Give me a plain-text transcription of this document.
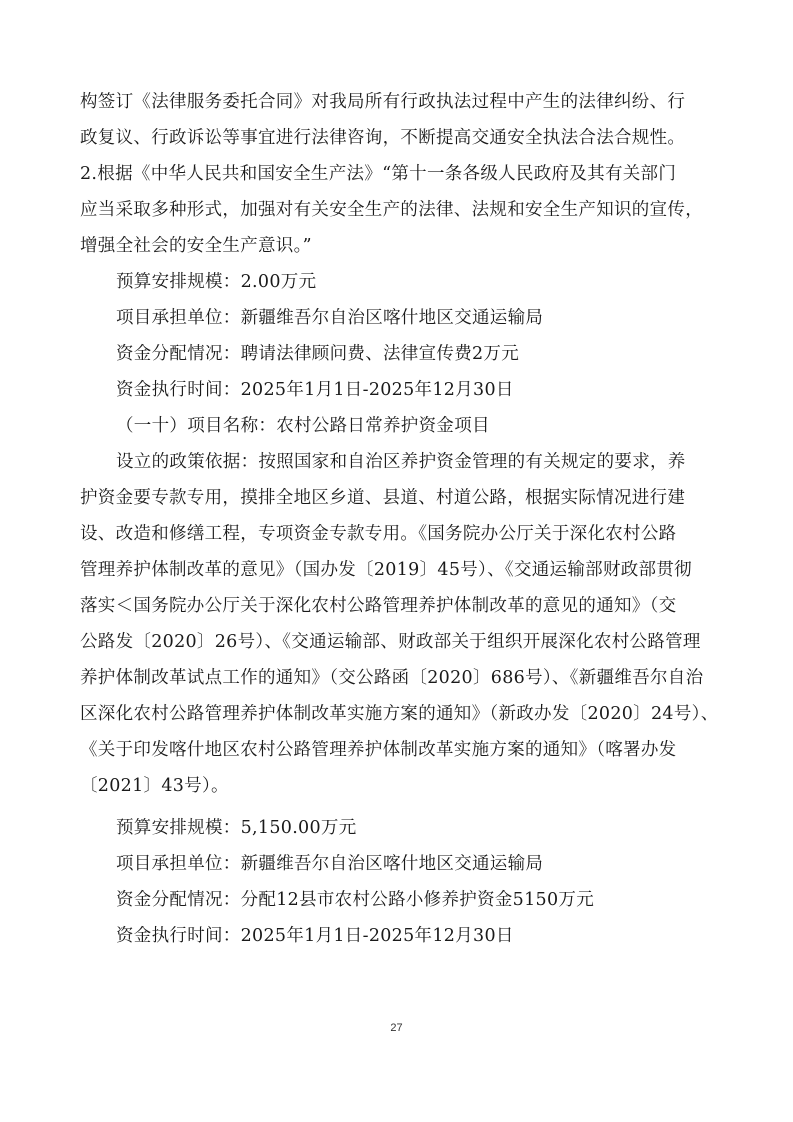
构签订《法律服务委托合同》对我局所有行政执法过程中产生的法律纠纷、行
政复议、行政诉讼等事宜进行法律咨询，不断提高交通安全执法合法合规性。
2.根据《中华人民共和国安全生产法》“第十一条各级人民政府及其有关部门
应当采取多种形式，加强对有关安全生产的法律、法规和安全生产知识的宣传，
增强全社会的安全生产意识。”
预算安排规模：2.00万元
项目承担单位：新疆维吾尔自治区喀什地区交通运输局
资金分配情况：聘请法律顾问费、法律宣传费2万元
资金执行时间：2025年1月1日-2025年12月30日
（一十）项目名称：农村公路日常养护资金项目
设立的政策依据：按照国家和自治区养护资金管理的有关规定的要求，养
护资金要专款专用，摸排全地区乡道、县道、村道公路，根据实际情况进行建
设、改造和修缮工程，专项资金专款专用。《国务院办公厅关于深化农村公路
管理养护体制改革的意见》（国办发〔2019〕45号）、《交通运输部财政部贯彻
落实＜国务院办公厅关于深化农村公路管理养护体制改革的意见的通知》（交
公路发〔2020〕26号）、《交通运输部、财政部关于组织开展深化农村公路管理
养护体制改革试点工作的通知》（交公路函〔2020〕686号）、《新疆维吾尔自治
区深化农村公路管理养护体制改革实施方案的通知》（新政办发〔2020〕24号）、
《关于印发喀什地区农村公路管理养护体制改革实施方案的通知》（喀署办发
〔2021〕43号）。
预算安排规模：5,150.00万元
项目承担单位：新疆维吾尔自治区喀什地区交通运输局
资金分配情况：分配12县市农村公路小修养护资金5150万元
资金执行时间：2025年1月1日-2025年12月30日
27
